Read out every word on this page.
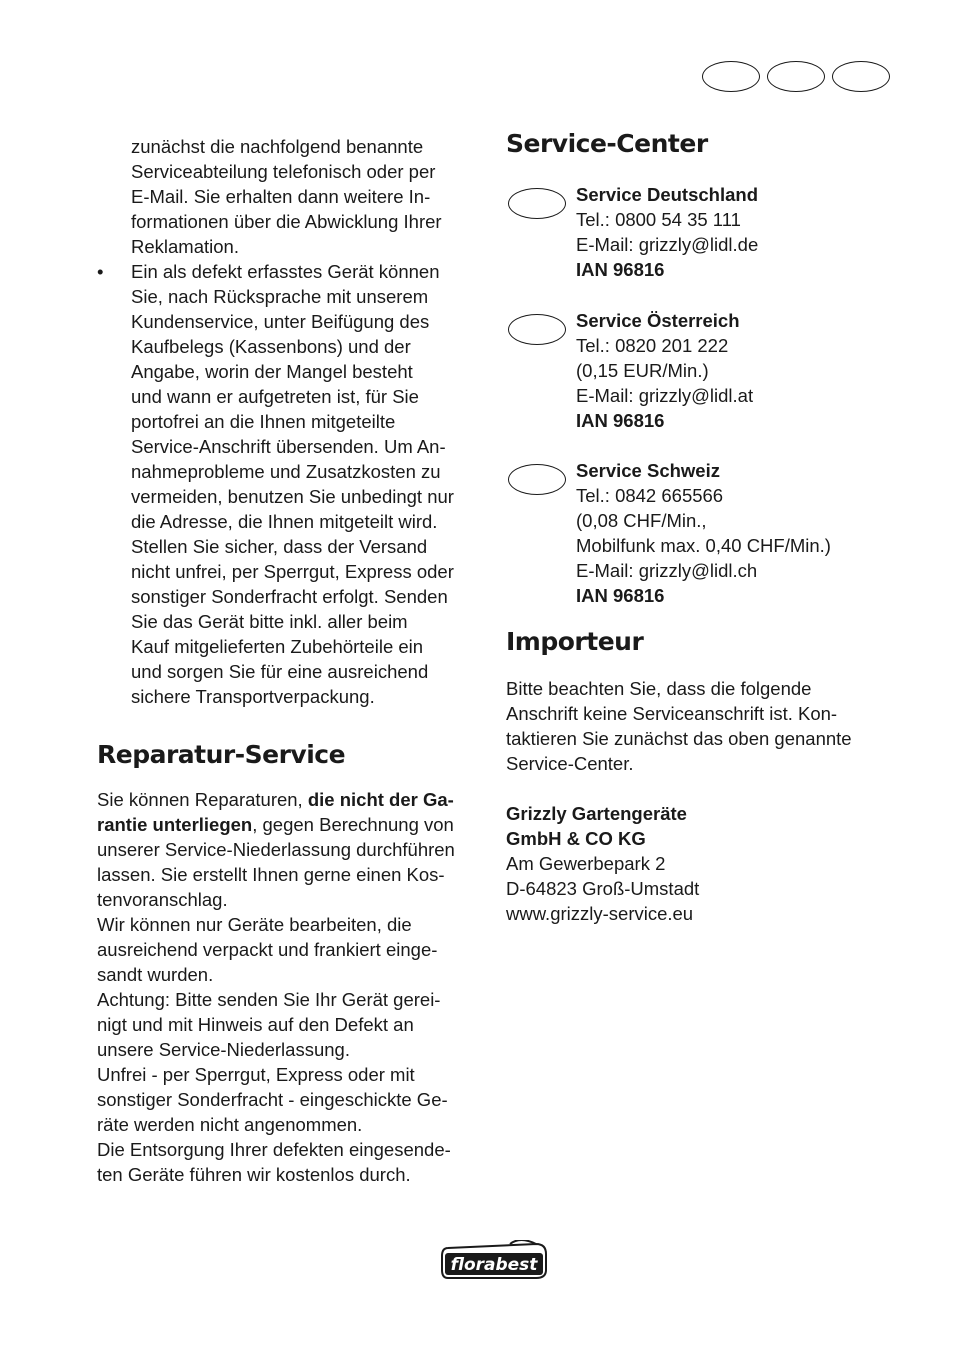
zunächst die nachfolgend benannte

Serviceabteilung telefonisch oder per

E-Mail. Sie erhalten dann weitere In-

formationen über die Abwicklung Ihrer

Reklamation.

• Ein als defekt erfasstes Gerät können

Sie, nach Rücksprache mit unserem

Kundenservice, unter Beifügung des

Kaufbelegs (Kassenbons) und der

Angabe, worin der Mangel besteht

und wann er aufgetreten ist, für Sie

portofrei an die Ihnen mitgeteilte

Service-Anschrift übersenden. Um An-

nahmeprobleme und Zusatzkosten zu

vermeiden, benutzen Sie unbedingt nur

die Adresse, die Ihnen mitgeteilt wird.

Stellen Sie sicher, dass der Versand

nicht unfrei, per Sperrgut, Express oder

sonstiger Sonderfracht erfolgt. Senden

Sie das Gerät bitte inkl. aller beim

Kauf mitgelieferten Zubehörteile ein

und sorgen Sie für eine ausreichend

sichere Transportverpackung.

Reparatur-Service

Sie können Reparaturen, die nicht der Ga-

rantie unterliegen, gegen Berechnung von

unserer Service-Niederlassung durchführen

lassen. Sie erstellt Ihnen gerne einen Kos-

tenvoranschlag.

Wir können nur Geräte bearbeiten, die

ausreichend verpackt und frankiert einge-

sandt wurden.

Achtung: Bitte senden Sie Ihr Gerät gerei-

nigt und mit Hinweis auf den Defekt an

unsere Service-Niederlassung.

Unfrei - per Sperrgut, Express oder mit

sonstiger Sonderfracht - eingeschickte Ge-

räte werden nicht angenommen.

Die Entsorgung Ihrer defekten eingesende-

ten Geräte führen wir kostenlos durch.

Service-Center

Service Deutschland

Tel.: 0800 54 35 111

E-Mail: grizzly@lidl.de

IAN 96816

Service Österreich

Tel.: 0820 201 222

(0,15 EUR/Min.)

E-Mail: grizzly@lidl.at

IAN 96816

Service Schweiz

Tel.: 0842 665566

(0,08 CHF/Min.,

Mobilfunk max. 0,40 CHF/Min.)

E-Mail: grizzly@lidl.ch

IAN 96816

Importeur

Bitte beachten Sie, dass die folgende

Anschrift keine Serviceanschrift ist. Kon-

taktieren Sie zunächst das oben genannte

Service-Center.

Grizzly Gartengeräte

GmbH & CO KG

Am Gewerbepark 2

D-64823 Groß-Umstadt

www.grizzly-service.eu

florabest
